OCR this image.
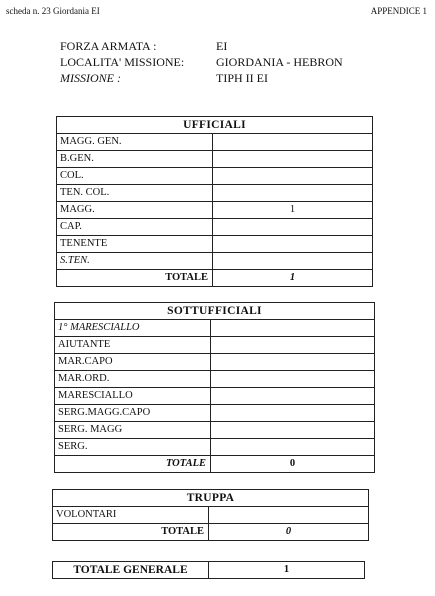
scheda n. 23 Giordania EI	APPENDICE 1
FORZA ARMATA :	EI
LOCALITA' MISSIONE:	GIORDANIA - HEBRON
MISSIONE :	TIPH II EI
UFFICIALI	
MAGG. GEN.	
B.GEN.	
COL.	
TEN. COL.	
MAGG.	1
CAP.	
TENENTE	
S.TEN.	
TOTALE	1
SOTTUFFICIALI	
1° MARESCIALLO	
AIUTANTE	
MAR.CAPO	
MAR.ORD.	
MARESCIALLO	
SERG.MAGG.CAPO	
SERG. MAGG	
SERG.	
TOTALE	0
TRUPPA	
VOLONTARI	
TOTALE	0
TOTALE GENERALE	1
